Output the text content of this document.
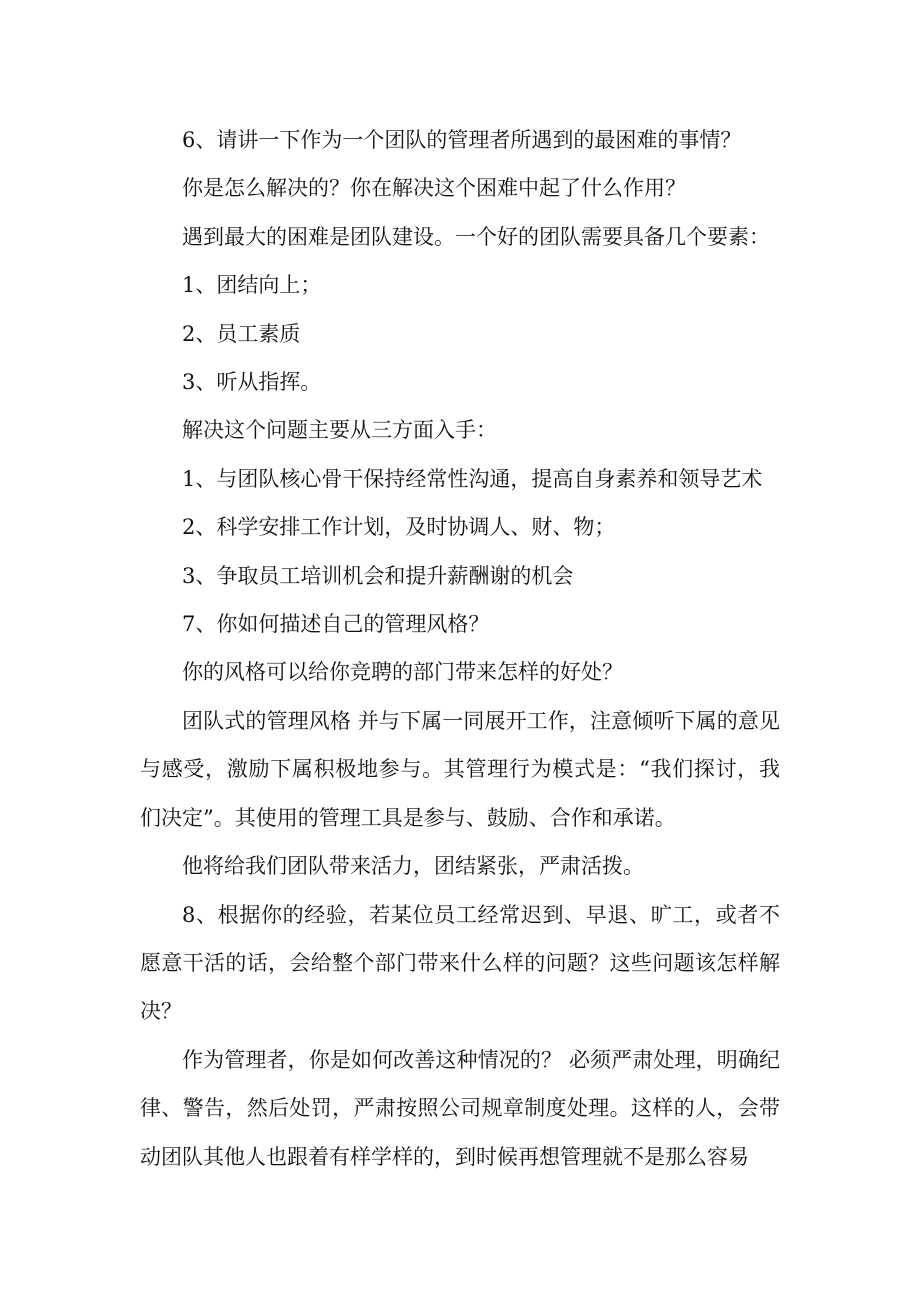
6、请讲一下作为一个团队的管理者所遇到的最困难的事情？

你是怎么解决的？你在解决这个困难中起了什么作用？

遇到最大的困难是团队建设。一个好的团队需要具备几个要素：

1、团结向上；

2、员工素质

3、听从指挥。

解决这个问题主要从三方面入手：

1、与团队核心骨干保持经常性沟通，提高自身素养和领导艺术

2、科学安排工作计划，及时协调人、财、物；

3、争取员工培训机会和提升薪酬谢的机会

7、你如何描述自己的管理风格？

你的风格可以给你竞聘的部门带来怎样的好处？

团队式的管理风格 并与下属一同展开工作，注意倾听下属的意见与感受，激励下属积极地参与。其管理行为模式是：“我们探讨，我们决定”。其使用的管理工具是参与、鼓励、合作和承诺。

他将给我们团队带来活力，团结紧张，严肃活拨。

8、根据你的经验，若某位员工经常迟到、早退、旷工，或者不愿意干活的话，会给整个部门带来什么样的问题？这些问题该怎样解决？

作为管理者，你是如何改善这种情况的？ 必须严肃处理，明确纪律、警告，然后处罚，严肃按照公司规章制度处理。这样的人，会带动团队其他人也跟着有样学样的，到时候再想管理就不是那么容易
